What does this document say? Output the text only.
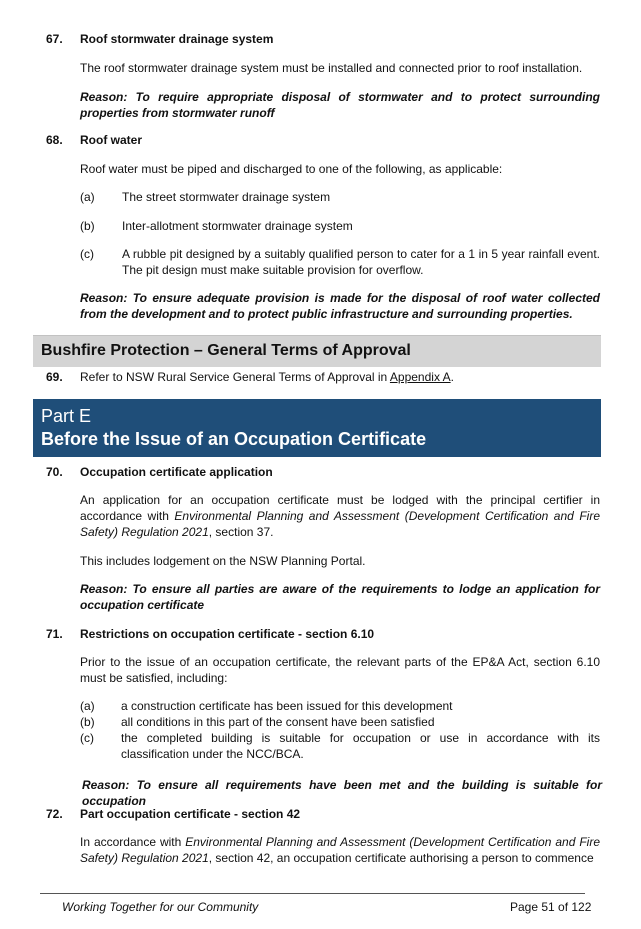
67. Roof stormwater drainage system
The roof stormwater drainage system must be installed and connected prior to roof installation.
Reason: To require appropriate disposal of stormwater and to protect surrounding properties from stormwater runoff
68. Roof water
Roof water must be piped and discharged to one of the following, as applicable:
(a) The street stormwater drainage system
(b) Inter-allotment stormwater drainage system
(c) A rubble pit designed by a suitably qualified person to cater for a 1 in 5 year rainfall event. The pit design must make suitable provision for overflow.
Reason: To ensure adequate provision is made for the disposal of roof water collected from the development and to protect public infrastructure and surrounding properties.
Bushfire Protection – General Terms of Approval
69. Refer to NSW Rural Service General Terms of Approval in Appendix A.
Part E
Before the Issue of an Occupation Certificate
70. Occupation certificate application
An application for an occupation certificate must be lodged with the principal certifier in accordance with Environmental Planning and Assessment (Development Certification and Fire Safety) Regulation 2021, section 37.
This includes lodgement on the NSW Planning Portal.
Reason: To ensure all parties are aware of the requirements to lodge an application for occupation certificate
71. Restrictions on occupation certificate - section 6.10
Prior to the issue of an occupation certificate, the relevant parts of the EP&A Act, section 6.10 must be satisfied, including:
(a) a construction certificate has been issued for this development
(b) all conditions in this part of the consent have been satisfied
(c) the completed building is suitable for occupation or use in accordance with its classification under the NCC/BCA.
Reason: To ensure all requirements have been met and the building is suitable for occupation
72. Part occupation certificate - section 42
In accordance with Environmental Planning and Assessment (Development Certification and Fire Safety) Regulation 2021, section 42, an occupation certificate authorising a person to commence
Working Together for our Community	Page 51 of 122
